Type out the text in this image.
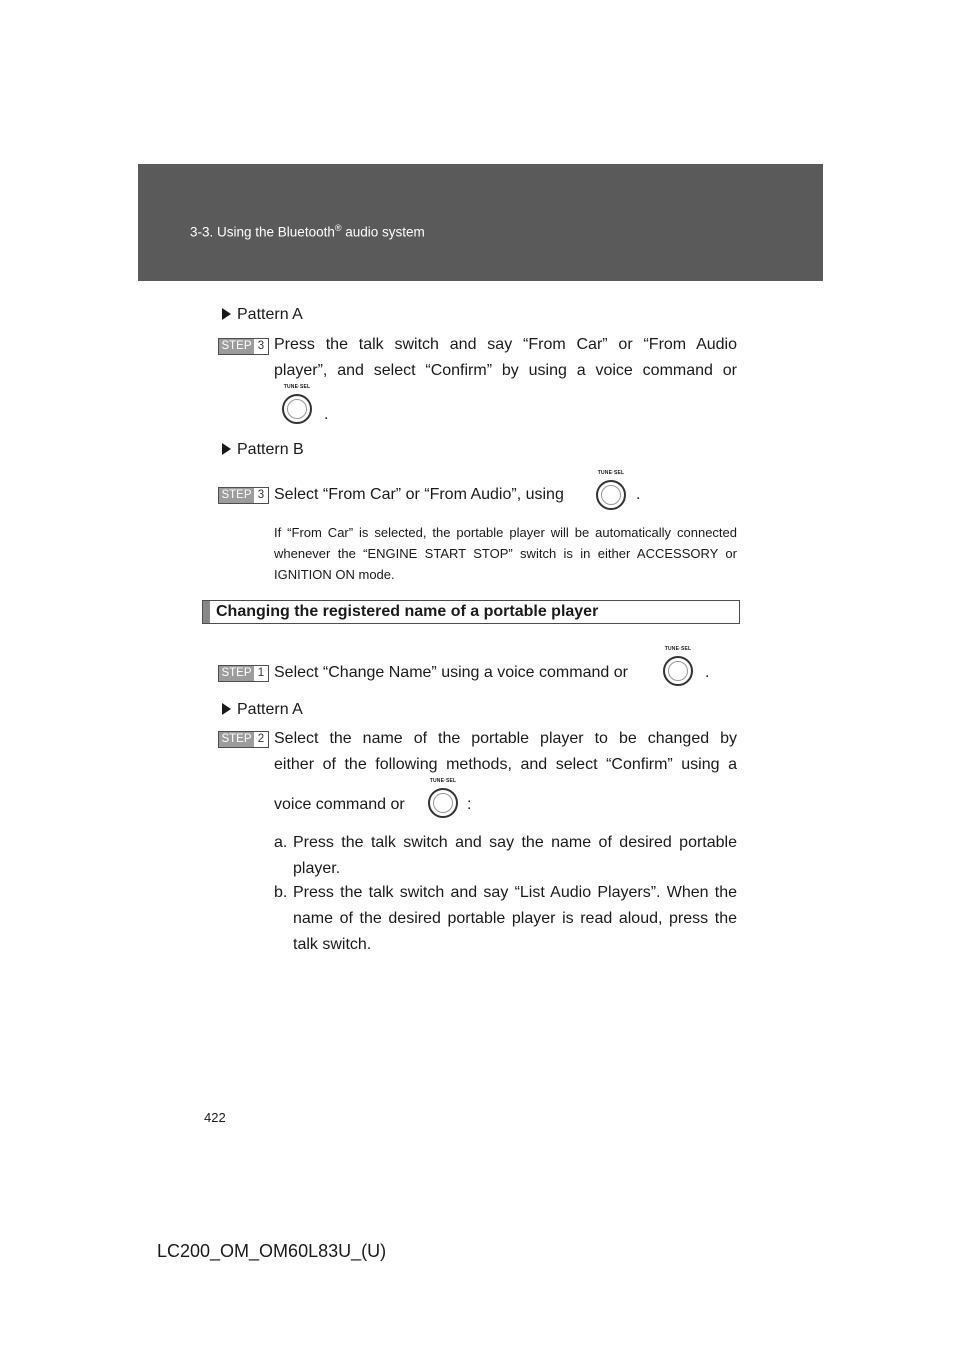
3-3. Using the Bluetooth® audio system
Pattern A
STEP 3 Press the talk switch and say “From Car” or “From Audio
player”, and select “Confirm” by using a voice command or
TUNE·SEL
.
Pattern B
STEP 3 Select “From Car” or “From Audio”, using
TUNE·SEL
.
If “From Car” is selected, the portable player will be automatically connected whenever the “ENGINE START STOP” switch is in either ACCESSORY or IGNITION ON mode.
Changing the registered name of a portable player
STEP 1 Select “Change Name” using a voice command or
TUNE·SEL
.
Pattern A
STEP 2 Select the name of the portable player to be changed by
either of the following methods, and select “Confirm” using a
voice command or
TUNE·SEL
:
a. Press the talk switch and say the name of desired portable player.
b. Press the talk switch and say “List Audio Players”. When the name of the desired portable player is read aloud, press the talk switch.
422
LC200_OM_OM60L83U_(U)
